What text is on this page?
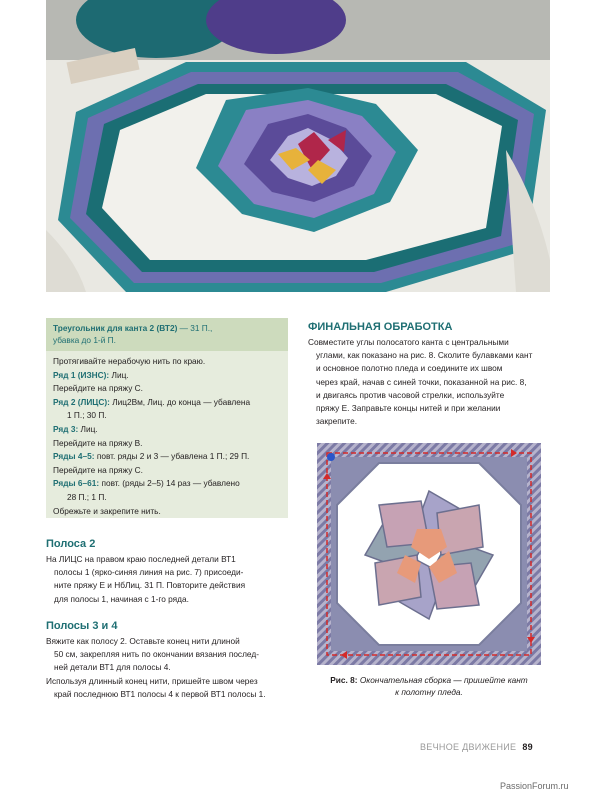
Треугольник для канта 2 (ВТ2) — 31 П.,
убавка до 1-й П.

Протягивайте нерабочую нить по краю.

Ряд 1 (ИЗНС): Лиц.

Перейдите на пряжу С.

Ряд 2 (ЛИЦС): Лиц2Вм, Лиц. до конца — убавлена

1 П.; 30 П.

Ряд 3: Лиц.

Перейдите на пряжу В.

Ряды 4–5: повт. ряды 2 и 3 — убавлена 1 П.; 29 П.

Перейдите на пряжу С.

Ряды 6–61: повт. (ряды 2–5) 14 раз — убавлено

28 П.; 1 П.

Обрежьте и закрепите нить.

Полоса 2

На ЛИЦС на правом краю последней детали ВТ1

полосы 1 (ярко-синяя линия на рис. 7) присоеди-

ните пряжу Е и НбЛиц. 31 П. Повторите действия

для полосы 1, начиная с 1-го ряда.

Полосы 3 и 4

Вяжите как полосу 2. Оставьте конец нити длиной

50 см, закрепляя нить по окончании вязания послед-

ней детали ВТ1 для полосы 4.

Используя длинный конец нити, пришейте швом через

край последнюю ВТ1 полосы 4 к первой ВТ1 полосы 1.

ФИНАЛЬНАЯ ОБРАБОТКА

Совместите углы полосатого канта с центральными

углами, как показано на рис. 8. Сколите булавками кант

и основное полотно пледа и соедините их швом

через край, начав с синей точки, показанной на рис. 8,

и двигаясь против часовой стрелки, используйте

пряжу Е. Заправьте концы нитей и при желании

закрепите.

Рис. 8: Окончательная сборка — пришейте кант
к полотну пледа.
ВЕЧНОЕ ДВИЖЕНИЕ 89
PassionForum.ru
